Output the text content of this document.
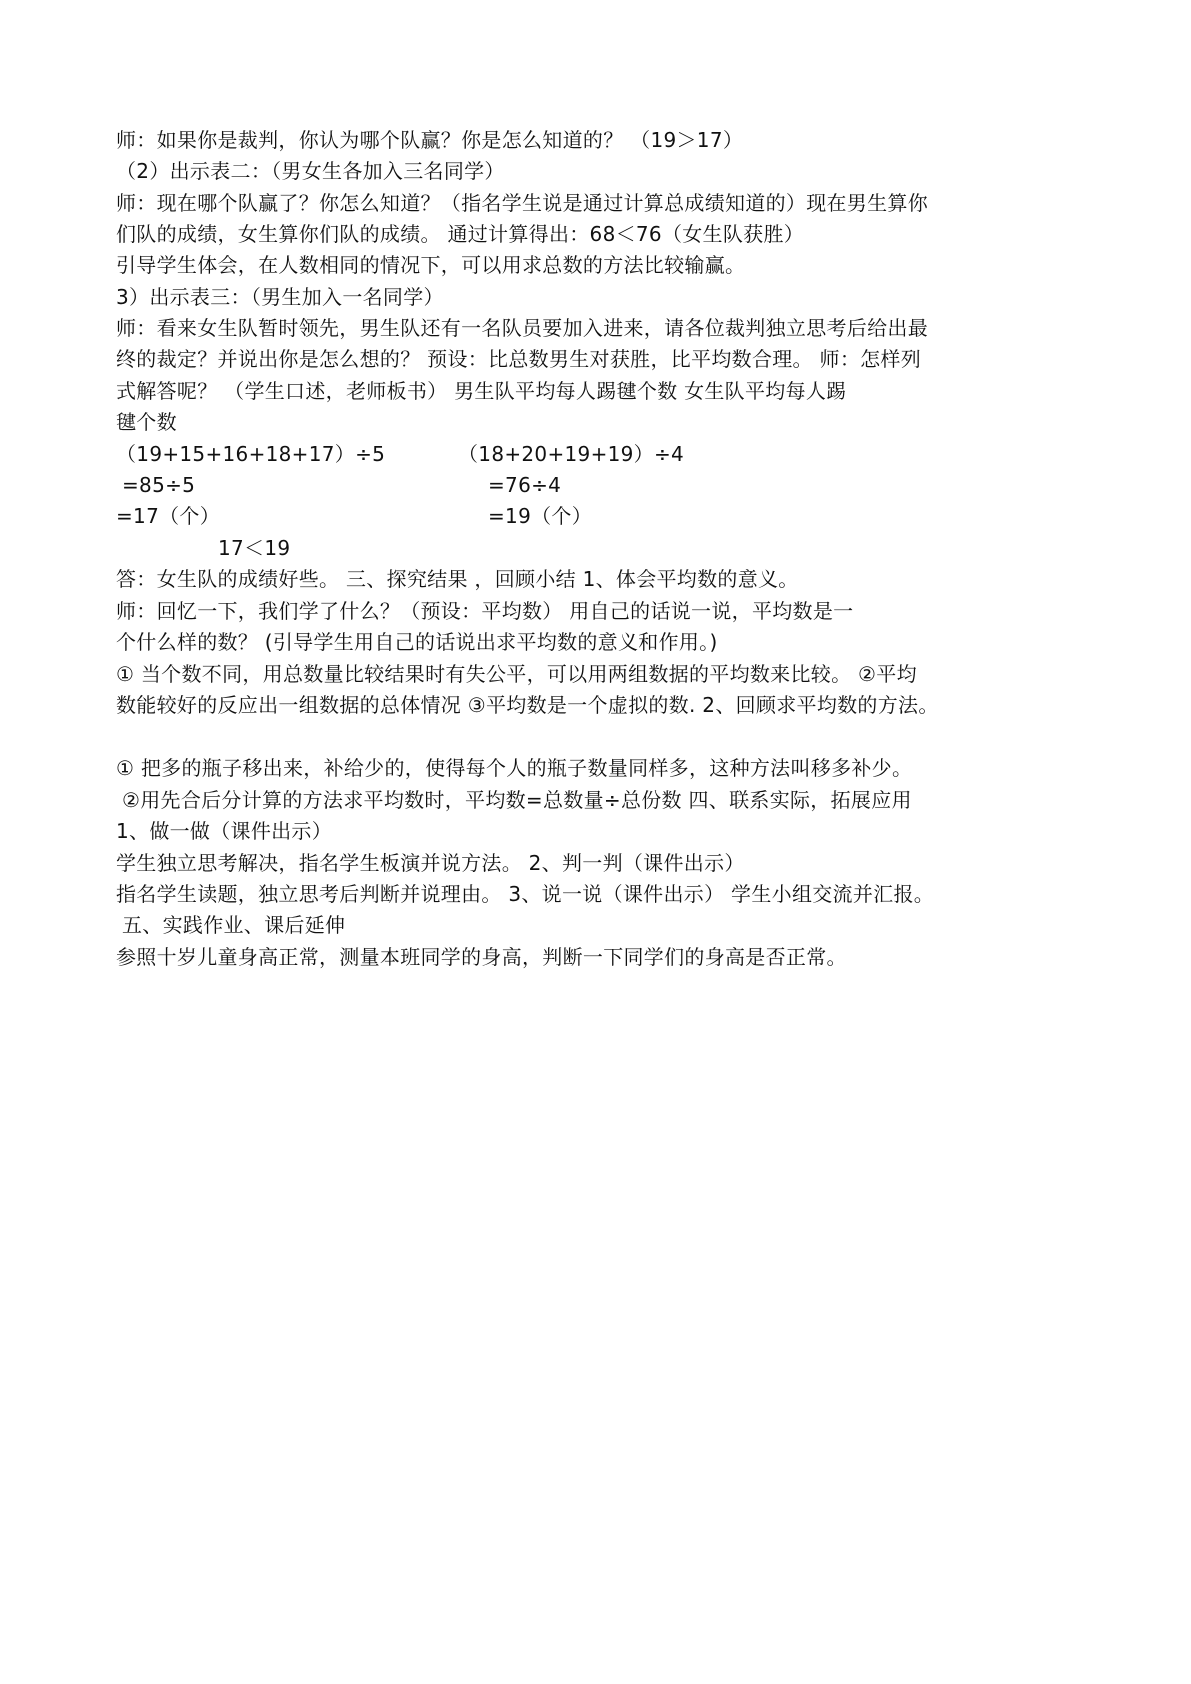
师：如果你是裁判，你认为哪个队赢？你是怎么知道的？ （19＞17）
（2）出示表二：（男女生各加入三名同学）
师：现在哪个队赢了？你怎么知道？（指名学生说是通过计算总成绩知道的）现在男生算你
们队的成绩，女生算你们队的成绩。 通过计算得出：68＜76（女生队获胜）
引导学生体会，在人数相同的情况下，可以用求总数的方法比较输赢。
3）出示表三：（男生加入一名同学）
师：看来女生队暂时领先，男生队还有一名队员要加入进来，请各位裁判独立思考后给出最
终的裁定？并说出你是怎么想的？ 预设：比总数男生对获胜，比平均数合理。 师：怎样列
式解答呢？ （学生口述，老师板书） 男生队平均每人踢毽个数 女生队平均每人踢
毽个数
（19+15+16+18+17）÷5	（18+20+19+19）÷4
=85÷5	=76÷4
=17（个）	=19（个）
17＜19
答：女生队的成绩好些。 三、探究结果 ，回顾小结 1、体会平均数的意义。
师：回忆一下，我们学了什么？（预设：平均数） 用自己的话说一说，平均数是一
个什么样的数？ (引导学生用自己的话说出求平均数的意义和作用。)
① 当个数不同，用总数量比较结果时有失公平，可以用两组数据的平均数来比较。 ②平均
数能较好的反应出一组数据的总体情况 ③平均数是一个虚拟的数. 2、回顾求平均数的方法。
① 把多的瓶子移出来，补给少的，使得每个人的瓶子数量同样多，这种方法叫移多补少。
②用先合后分计算的方法求平均数时，平均数=总数量÷总份数 四、联系实际，拓展应用
1、做一做（课件出示）
学生独立思考解决，指名学生板演并说方法。 2、判一判（课件出示）
指名学生读题，独立思考后判断并说理由。 3、说一说（课件出示） 学生小组交流并汇报。
五、实践作业、课后延伸
参照十岁儿童身高正常，测量本班同学的身高，判断一下同学们的身高是否正常。
